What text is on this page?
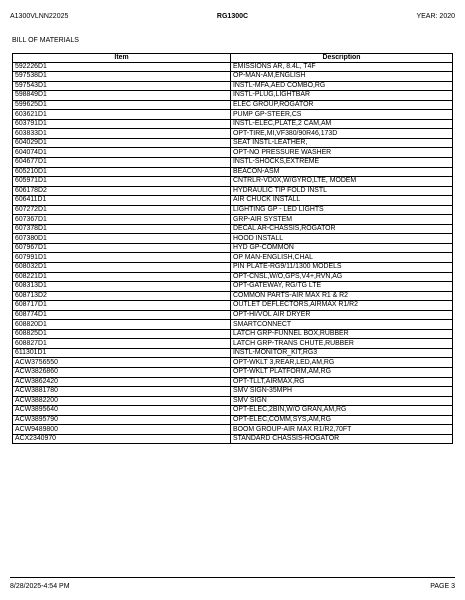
A1300VLNN22025	RG1300C	YEAR: 2020
BILL OF MATERIALS
Item	Description
592226D1	EMISSIONS AR, 8.4L, T4F
597538D1	OP-MAN-AM,ENGLISH
597543D1	INSTL-MFA,AED COMBO,RG
598849D1	INSTL-PLUG,LIGHTBAR
599625D1	ELEC GROUP,ROGATOR
603621D1	PUMP GP-STEER,CS
603791D1	INSTL-ELEC,PLATE,2 CAM,AM
603833D1	OPT-TIRE,MI,VF380/90R46,173D
604029D1	SEAT INSTL-LEATHER,
604074D1	OPT-NO PRESSURE WASHER
604677D1	INSTL-SHOCKS,EXTREME
605210D1	BEACON-ASM
605971D1	CNTRLR-VD0X,W/GYRO,LTE, MODEM
606178D2	HYDRAULIC TIP FOLD INSTL
606411D1	AIR CHUCK INSTALL
607272D1	LIGHTING GP - LED LIGHTS
607367D1	GRP-AIR SYSTEM
607378D1	DECAL AR-CHASSIS,ROGATOR
607380D1	HOOD INSTALL
607967D1	HYD GP-COMMON
607991D1	OP MAN-ENGLISH,CHAL
608032D1	PIN PLATE-RG9/11/1300 MODELS
608221D1	OPT-CNSL,W/O,GPS,V4+,RVN,AG
608313D1	OPT-GATEWAY, RG/TG LTE
608713D2	COMMON PARTS-AIR MAX R1 & R2
608717D1	OUTLET DEFLECTORS,AIRMAX R1/R2
608774D1	OPT-HI/VOL AIR DRYER
608820D1	SMARTCONNECT
608825D1	LATCH GRP-FUNNEL BOX,RUBBER
608827D1	LATCH GRP-TRANS CHUTE,RUBBER
611301D1	INSTL-MONITOR_KIT,RG3
ACW3756550	OPT-WKLT 3,REAR,LED,AM,RG
ACW3826860	OPT-WKLT PLATFORM,AM,RG
ACW3862420	OPT-TLLT,AIRMAX,RG
ACW3881780	SMV SIGN-35MPH
ACW3882200	SMV SIGN
ACW3895640	OPT-ELEC,2BIN,W/O GRAN,AM,RG
ACW3895790	OPT-ELEC,COMM,SYS,AM,RG
ACW9489800	BOOM GROUP-AIR MAX R1/R2,70FT
ACX2340970	STANDARD CHASSIS-ROGATOR
8/28/2025-4:54 PM	PAGE 3
